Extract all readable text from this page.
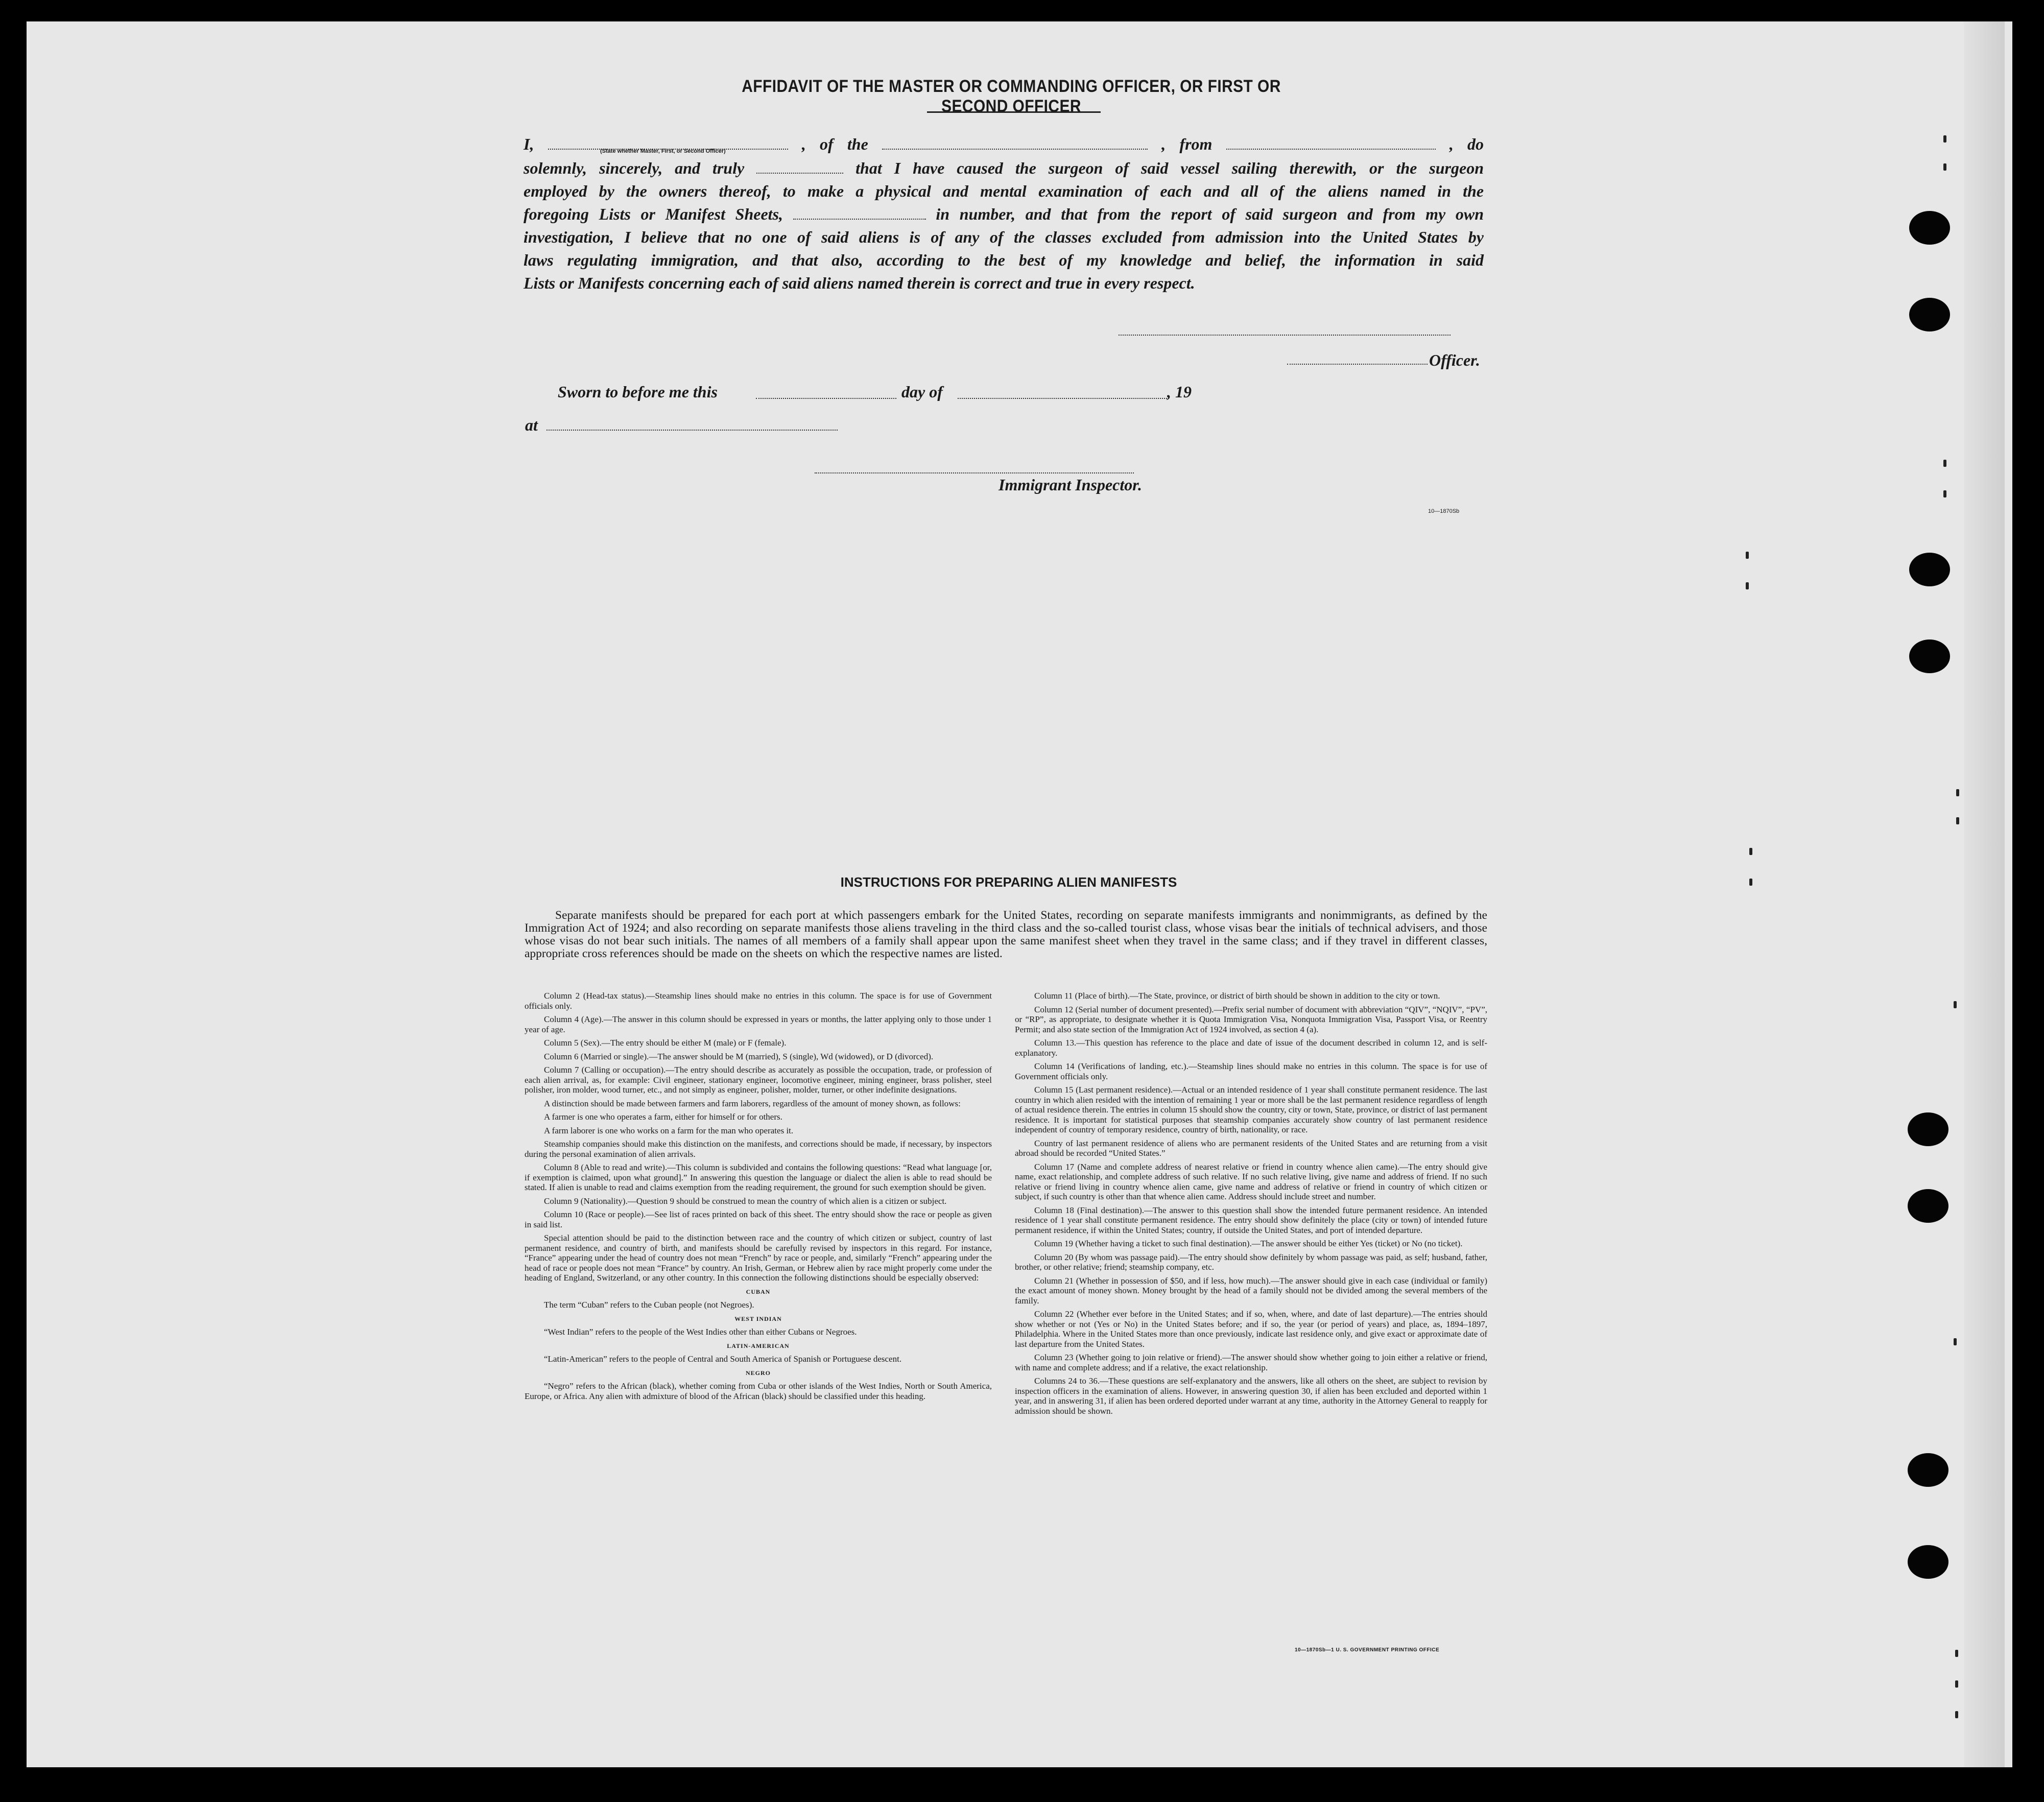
AFFIDAVIT OF THE MASTER OR COMMANDING OFFICER, OR FIRST OR SECOND OFFICER
I,	, of the	, from	, do
(State whether Master, First, or Second Officer)
solemnly, sincerely, and truly	that I have caused the surgeon of said vessel sailing therewith, or the surgeon
employed by the owners thereof, to make a physical and mental examination of each and all of the aliens named in the
foregoing Lists or Manifest Sheets,	in number, and that from the report of said surgeon and from my own
investigation, I believe that no one of said aliens is of any of the classes excluded from admission into the United States by
laws regulating immigration, and that also, according to the best of my knowledge and belief, the information in said
Lists or Manifests concerning each of said aliens named therein is correct and true in every respect.
Officer.
Sworn to before me this	day of	, 19
at
Immigrant Inspector.
10—1870Sb
INSTRUCTIONS FOR PREPARING ALIEN MANIFESTS
Separate manifests should be prepared for each port at which passengers embark for the United States, recording on separate manifests immigrants and nonimmigrants, as defined by the Immigration Act of 1924; and also recording on separate manifests those aliens traveling in the third class and the so-called tourist class, whose visas bear the initials of technical advisers, and those whose visas do not bear such initials. The names of all members of a family shall appear upon the same manifest sheet when they travel in the same class; and if they travel in different classes, appropriate cross references should be made on the sheets on which the respective names are listed.

Column 2 (Head-tax status).—Steamship lines should make no entries in this column. The space is for use of Government officials only.

Column 4 (Age).—The answer in this column should be expressed in years or months, the latter applying only to those under 1 year of age.

Column 5 (Sex).—The entry should be either M (male) or F (female).

Column 6 (Married or single).—The answer should be M (married), S (single), Wd (widowed), or D (divorced).

Column 7 (Calling or occupation).—The entry should describe as accurately as possible the occupation, trade, or profession of each alien arrival, as, for example: Civil engineer, stationary engineer, locomotive engineer, mining engineer, brass polisher, steel polisher, iron molder, wood turner, etc., and not simply as engineer, polisher, molder, turner, or other indefinite designations.

A distinction should be made between farmers and farm laborers, regardless of the amount of money shown, as follows:

A farmer is one who operates a farm, either for himself or for others.

A farm laborer is one who works on a farm for the man who operates it.

Steamship companies should make this distinction on the manifests, and corrections should be made, if necessary, by inspectors during the personal examination of alien arrivals.

Column 8 (Able to read and write).—This column is subdivided and contains the following questions: “Read what language [or, if exemption is claimed, upon what ground].” In answering this question the language or dialect the alien is able to read should be stated. If alien is unable to read and claims exemption from the reading requirement, the ground for such exemption should be given.

Column 9 (Nationality).—Question 9 should be construed to mean the country of which alien is a citizen or subject.

Column 10 (Race or people).—See list of races printed on back of this sheet. The entry should show the race or people as given in said list.

Special attention should be paid to the distinction between race and the country of which citizen or subject, country of last permanent residence, and country of birth, and manifests should be carefully revised by inspectors in this regard. For instance, “France” appearing under the head of country does not mean “French” by race or people, and, similarly “French” appearing under the head of race or people does not mean “France” by country. An Irish, German, or Hebrew alien by race might properly come under the heading of England, Switzerland, or any other country. In this connection the following distinctions should be especially observed:

CUBAN

The term “Cuban” refers to the Cuban people (not Negroes).

WEST INDIAN

“West Indian” refers to the people of the West Indies other than either Cubans or Negroes.

LATIN-AMERICAN

“Latin-American” refers to the people of Central and South America of Spanish or Portuguese descent.

NEGRO

“Negro” refers to the African (black), whether coming from Cuba or other islands of the West Indies, North or South America, Europe, or Africa. Any alien with admixture of blood of the African (black) should be classified under this heading.

Column 11 (Place of birth).—The State, province, or district of birth should be shown in addition to the city or town.

Column 12 (Serial number of document presented).—Prefix serial number of document with abbreviation “QIV”, “NQIV”, “PV”, or “RP”, as appropriate, to designate whether it is Quota Immigration Visa, Nonquota Immigration Visa, Passport Visa, or Reentry Permit; and also state section of the Immigration Act of 1924 involved, as section 4 (a).

Column 13.—This question has reference to the place and date of issue of the document described in column 12, and is self-explanatory.

Column 14 (Verifications of landing, etc.).—Steamship lines should make no entries in this column. The space is for use of Government officials only.

Column 15 (Last permanent residence).—Actual or an intended residence of 1 year shall constitute permanent residence. The last country in which alien resided with the intention of remaining 1 year or more shall be the last permanent residence regardless of length of actual residence therein. The entries in column 15 should show the country, city or town, State, province, or district of last permanent residence. It is important for statistical purposes that steamship companies accurately show country of last permanent residence independent of country of temporary residence, country of birth, nationality, or race.

Country of last permanent residence of aliens who are permanent residents of the United States and are returning from a visit abroad should be recorded “United States.”

Column 17 (Name and complete address of nearest relative or friend in country whence alien came).—The entry should give name, exact relationship, and complete address of such relative. If no such relative living, give name and address of friend. If no such relative or friend living in country whence alien came, give name and address of relative or friend in country of which citizen or subject, if such country is other than that whence alien came. Address should include street and number.

Column 18 (Final destination).—The answer to this question shall show the intended future permanent residence. An intended residence of 1 year shall constitute permanent residence. The entry should show definitely the place (city or town) of intended future permanent residence, if within the United States; country, if outside the United States, and port of intended departure.

Column 19 (Whether having a ticket to such final destination).—The answer should be either Yes (ticket) or No (no ticket).

Column 20 (By whom was passage paid).—The entry should show definitely by whom passage was paid, as self; husband, father, brother, or other relative; friend; steamship company, etc.

Column 21 (Whether in possession of $50, and if less, how much).—The answer should give in each case (individual or family) the exact amount of money shown. Money brought by the head of a family should not be divided among the several members of the family.

Column 22 (Whether ever before in the United States; and if so, when, where, and date of last departure).—The entries should show whether or not (Yes or No) in the United States before; and if so, the year (or period of years) and place, as, 1894–1897, Philadelphia. Where in the United States more than once previously, indicate last residence only, and give exact or approximate date of last departure from the United States.

Column 23 (Whether going to join relative or friend).—The answer should show whether going to join either a relative or friend, with name and complete address; and if a relative, the exact relationship.

Columns 24 to 36.—These questions are self-explanatory and the answers, like all others on the sheet, are subject to revision by inspection officers in the examination of aliens. However, in answering question 30, if alien has been excluded and deported within 1 year, and in answering 31, if alien has been ordered deported under warrant at any time, authority in the Attorney General to reapply for admission should be shown.

10—1870Sb—1 U. S. GOVERNMENT PRINTING OFFICE
